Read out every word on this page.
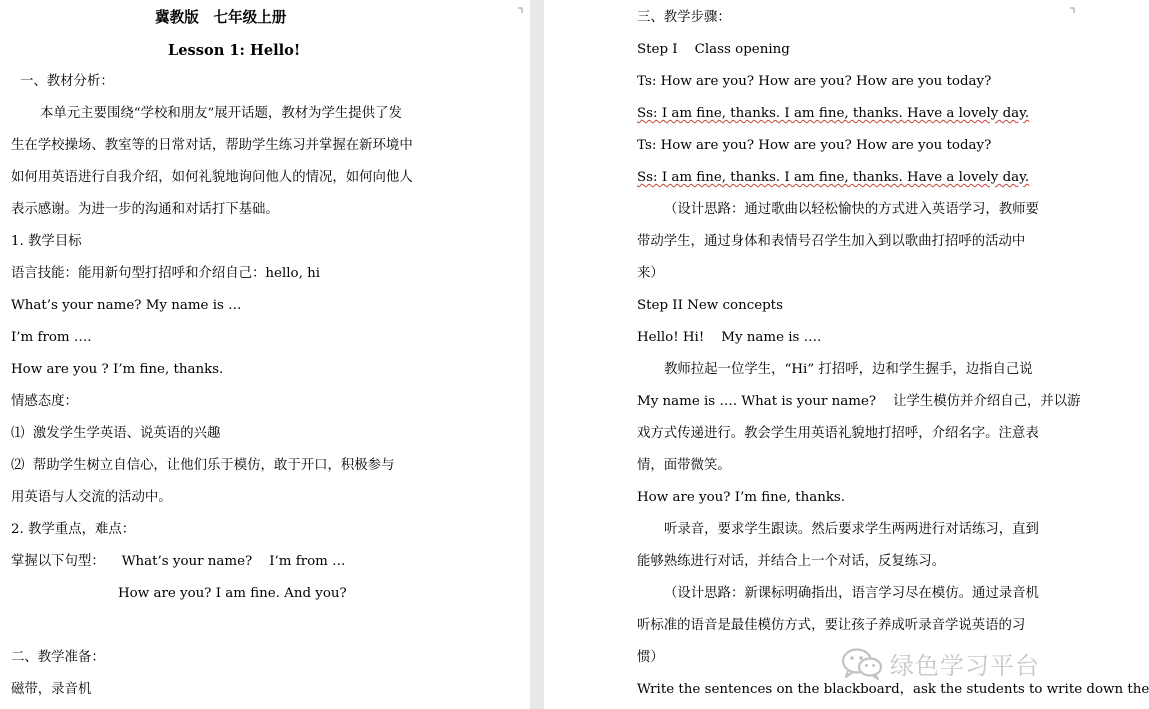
冀教版　七年级上册
Lesson 1: Hello!
一、教材分析：
本单元主要围绕“学校和朋友”展开话题，教材为学生提供了发
生在学校操场、教室等的日常对话，帮助学生练习并掌握在新环境中
如何用英语进行自我介绍，如何礼貌地询问他人的情况，如何向他人
表示感谢。为进一步的沟通和对话打下基础。
1. 教学目标
语言技能：能用新句型打招呼和介绍自己：hello, hi
What’s your name? My name is …
I’m from ….
How are you ? I’m fine, thanks.
情感态度：
⑴  激发学生学英语、说英语的兴趣
⑵  帮助学生树立自信心，让他们乐于模仿，敢于开口，积极参与
用英语与人交流的活动中。
2. 教学重点，难点：
掌握以下句型：    What’s your name?    I’m from …
How are you? I am fine. And you?
二、教学准备：
磁带，录音机
三、教学步骤：
Step I    Class opening
Ts: How are you? How are you? How are you today?
Ss: I am fine, thanks. I am fine, thanks. Have a lovely day.
Ts: How are you? How are you? How are you today?
Ss: I am fine, thanks. I am fine, thanks. Have a lovely day.
（设计思路：通过歌曲以轻松愉快的方式进入英语学习，教师要
带动学生，通过身体和表情号召学生加入到以歌曲打招呼的活动中
来）
Step II New concepts
Hello! Hi!    My name is ….
教师拉起一位学生，“Hi” 打招呼，边和学生握手，边指自己说
My name is …. What is your name?    让学生模仿并介绍自己，并以游
戏方式传递进行。教会学生用英语礼貌地打招呼，介绍名字。注意表
情，面带微笑。
How are you? I’m fine, thanks.
听录音，要求学生跟读。然后要求学生两两进行对话练习，直到
能够熟练进行对话，并结合上一个对话，反复练习。
（设计思路：新课标明确指出，语言学习尽在模仿。通过录音机
听标准的语音是最佳模仿方式，要让孩子养成听录音学说英语的习
惯）
Write the sentences on the blackboard，ask the students to write down the
绿色学习平台
